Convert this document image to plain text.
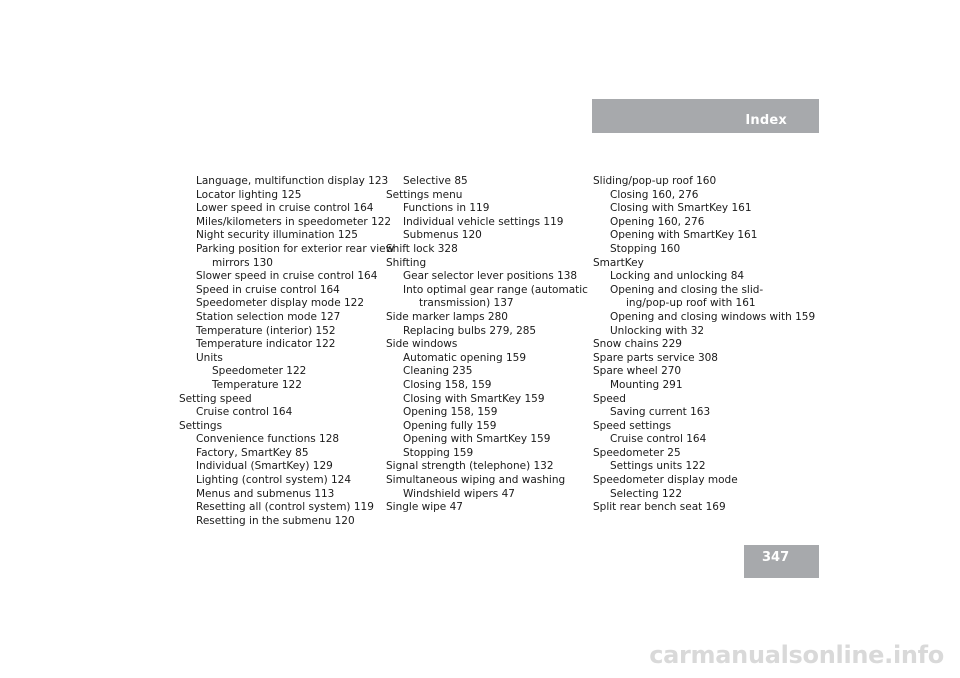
Index
Language, multifunction display 123
Locator lighting 125
Lower speed in cruise control 164
Miles/kilometers in speedometer 122
Night security illumination 125
Parking position for exterior rear view
mirrors 130
Slower speed in cruise control 164
Speed in cruise control 164
Speedometer display mode 122
Station selection mode 127
Temperature (interior) 152
Temperature indicator 122
Units
Speedometer 122
Temperature 122
Setting speed
Cruise control 164
Settings
Convenience functions 128
Factory, SmartKey 85
Individual (SmartKey) 129
Lighting (control system) 124
Menus and submenus 113
Resetting all (control system) 119
Resetting in the submenu 120
Selective 85
Settings menu
Functions in 119
Individual vehicle settings 119
Submenus 120
Shift lock 328
Shifting
Gear selector lever positions 138
Into optimal gear range (automatic
transmission) 137
Side marker lamps 280
Replacing bulbs 279, 285
Side windows
Automatic opening 159
Cleaning 235
Closing 158, 159
Closing with SmartKey 159
Opening 158, 159
Opening fully 159
Opening with SmartKey 159
Stopping 159
Signal strength (telephone) 132
Simultaneous wiping and washing
Windshield wipers 47
Single wipe 47
Sliding/pop-up roof 160
Closing 160, 276
Closing with SmartKey 161
Opening 160, 276
Opening with SmartKey 161
Stopping 160
SmartKey
Locking and unlocking 84
Opening and closing the slid-
ing/pop-up roof with 161
Opening and closing windows with 159
Unlocking with 32
Snow chains 229
Spare parts service 308
Spare wheel 270
Mounting 291
Speed
Saving current 163
Speed settings
Cruise control 164
Speedometer 25
Settings units 122
Speedometer display mode
Selecting 122
Split rear bench seat 169
347
carmanualsonline.info
